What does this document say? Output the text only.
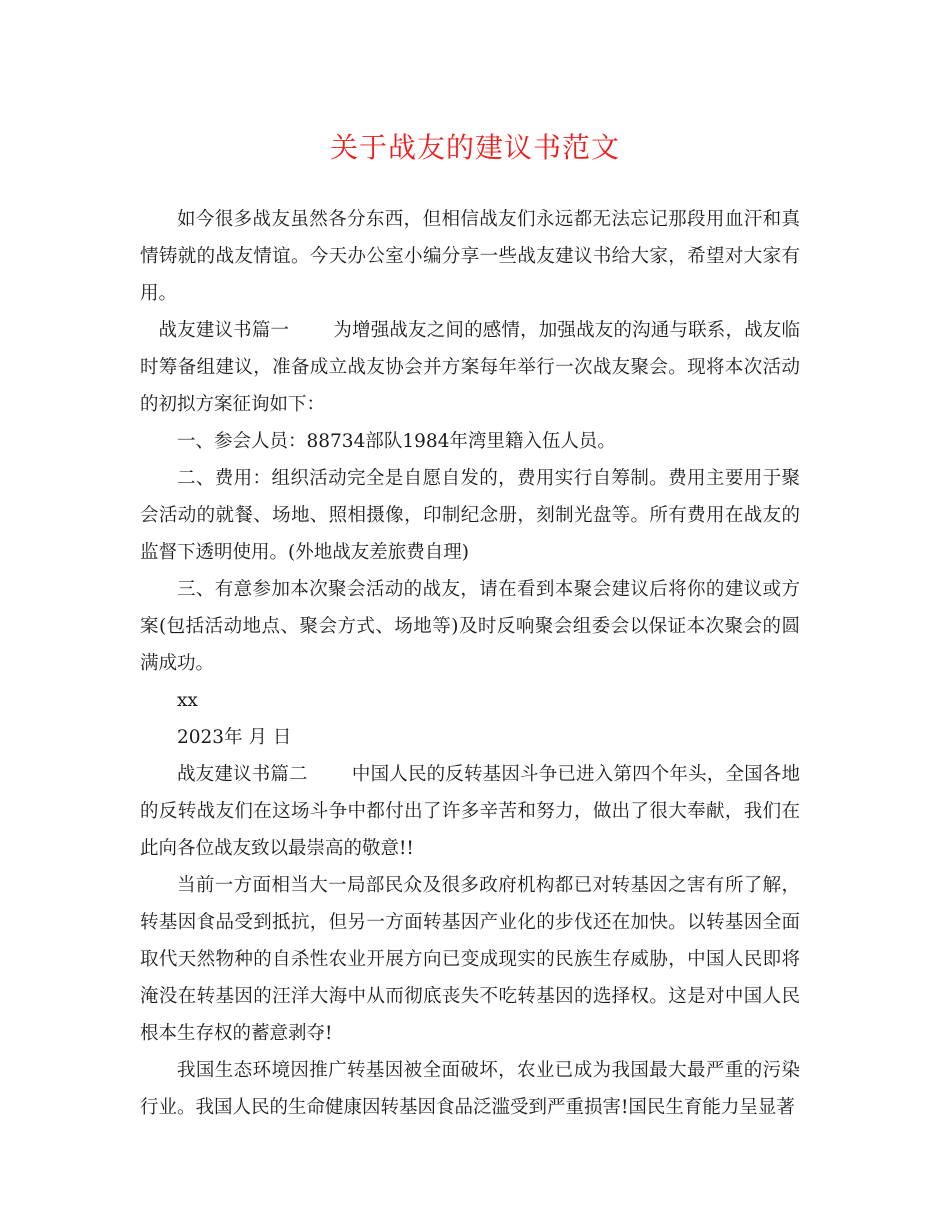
关于战友的建议书范文

如今很多战友虽然各分东西，但相信战友们永远都无法忘记那段用血汗和真情铸就的战友情谊。今天办公室小编分享一些战友建议书给大家，希望对大家有用。

战友建议书篇一 为增强战友之间的感情，加强战友的沟通与联系，战友临时筹备组建议，准备成立战友协会并方案每年举行一次战友聚会。现将本次活动的初拟方案征询如下：

一、参会人员：88734部队1984年湾里籍入伍人员。

二、费用：组织活动完全是自愿自发的，费用实行自筹制。费用主要用于聚会活动的就餐、场地、照相摄像，印制纪念册，刻制光盘等。所有费用在战友的监督下透明使用。(外地战友差旅费自理)

三、有意参加本次聚会活动的战友，请在看到本聚会建议后将你的建议或方案(包括活动地点、聚会方式、场地等)及时反响聚会组委会以保证本次聚会的圆满成功。

xx

2023年 月 日

战友建议书篇二 中国人民的反转基因斗争已进入第四个年头，全国各地的反转战友们在这场斗争中都付出了许多辛苦和努力，做出了很大奉献，我们在此向各位战友致以最崇高的敬意!!

当前一方面相当大一局部民众及很多政府机构都已对转基因之害有所了解，转基因食品受到抵抗，但另一方面转基因产业化的步伐还在加快。以转基因全面取代天然物种的自杀性农业开展方向已变成现实的民族生存威胁，中国人民即将淹没在转基因的汪洋大海中从而彻底丧失不吃转基因的选择权。这是对中国人民根本生存权的蓄意剥夺!

我国生态环境因推广转基因被全面破坏，农业已成为我国最大最严重的污染行业。我国人民的生命健康因转基因食品泛滥受到严重损害!国民生育能力呈显著
